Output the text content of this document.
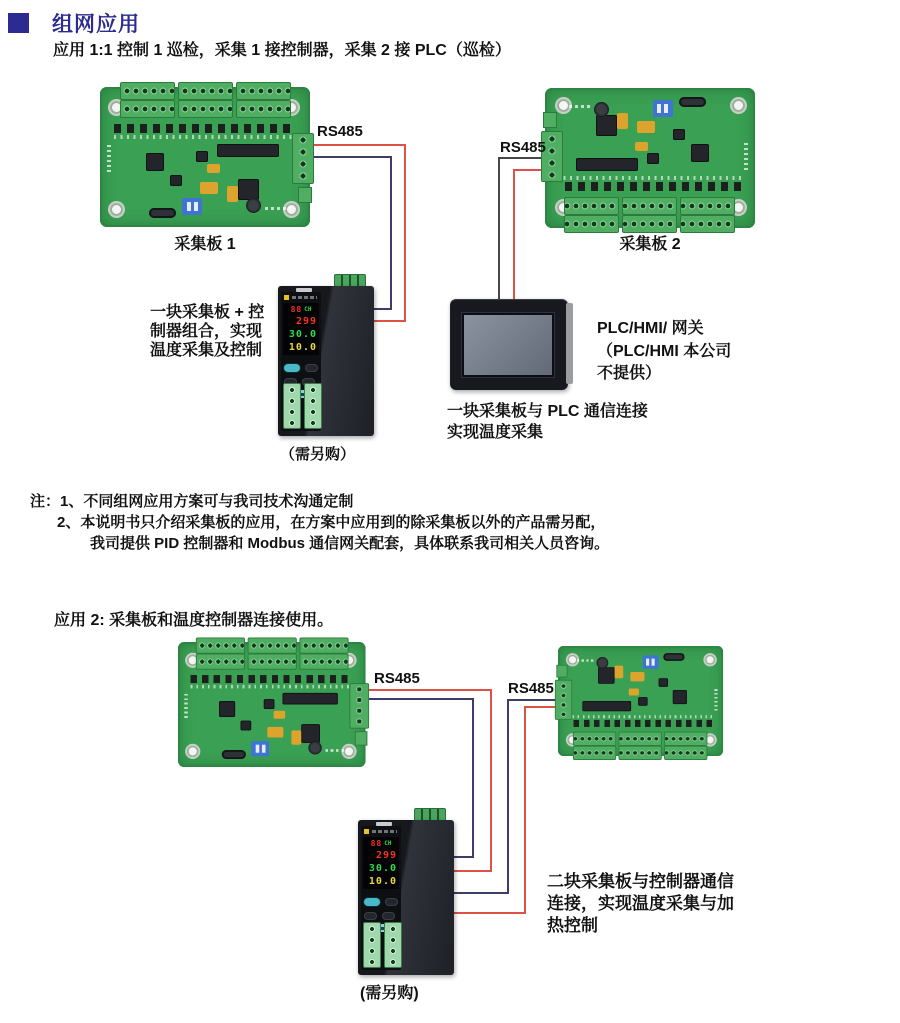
组网应用
应用 1:1 控制 1 巡检，采集 1 接控制器，采集 2 接 PLC（巡检）
采集板 1	采集板 2
RS485
RS485
RS485
RS485
88 CH
299
30.0
10.0
一块采集板 + 控
制器组合，实现
温度采集及控制
（需另购）
PLC/HMI/ 网关
（PLC/HMI 本公司
不提供）
一块采集板与 PLC 通信连接
实现温度采集
注：1、不同组网应用方案可与我司技术沟通定制
2、本说明书只介绍采集板的应用，在方案中应用到的除采集板以外的产品需另配，
我司提供 PID 控制器和 Modbus 通信网关配套，具体联系我司相关人员咨询。
应用 2: 采集板和温度控制器连接使用。
88 CH
299
30.0
10.0	二块采集板与控制器通信
连接，实现温度采集与加
热控制
(需另购)
